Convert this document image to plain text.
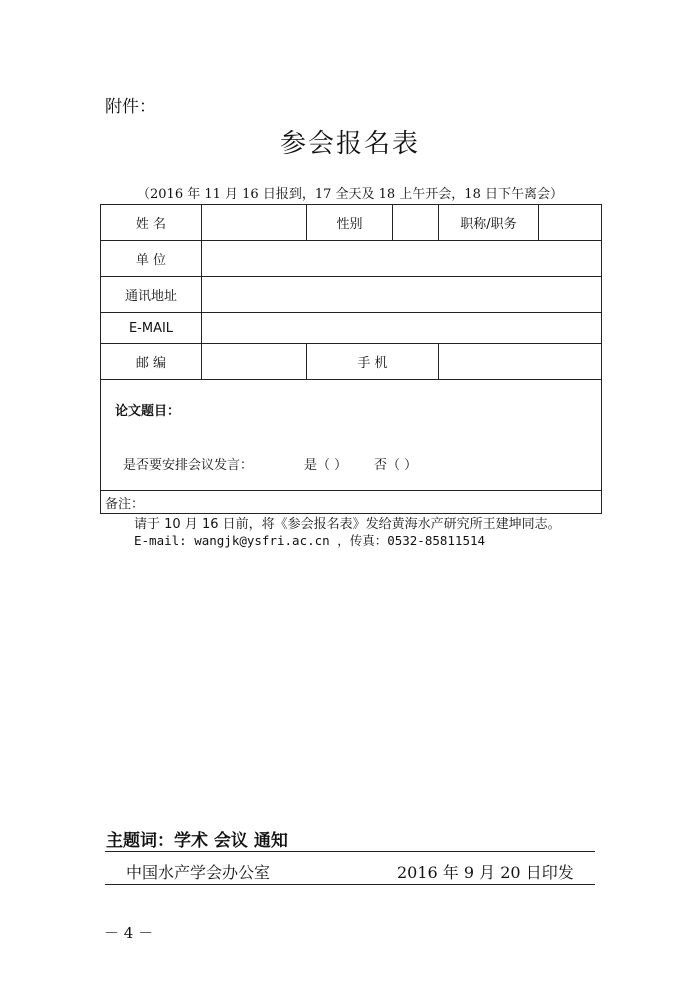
附件：
参会报名表
（2016 年 11 月 16 日报到，17 全天及 18 上午开会，18 日下午离会）
姓 名		性别		职称/职务	
单 位					
通讯地址					
E-MAIL					
邮 编		手 机			

论文题目：
是否要安排会议发言： 是（ ） 否（ ）					

备注：					
请于 10 月 16 日前，将《参会报名表》发给黄海水产研究所王建坤同志。
E-mail: wangjk@ysfri.ac.cn ，传真：0532-85811514
主题词：学术 会议 通知
中国水产学会办公室	2016 年 9 月 20 日印发
－ 4 －
